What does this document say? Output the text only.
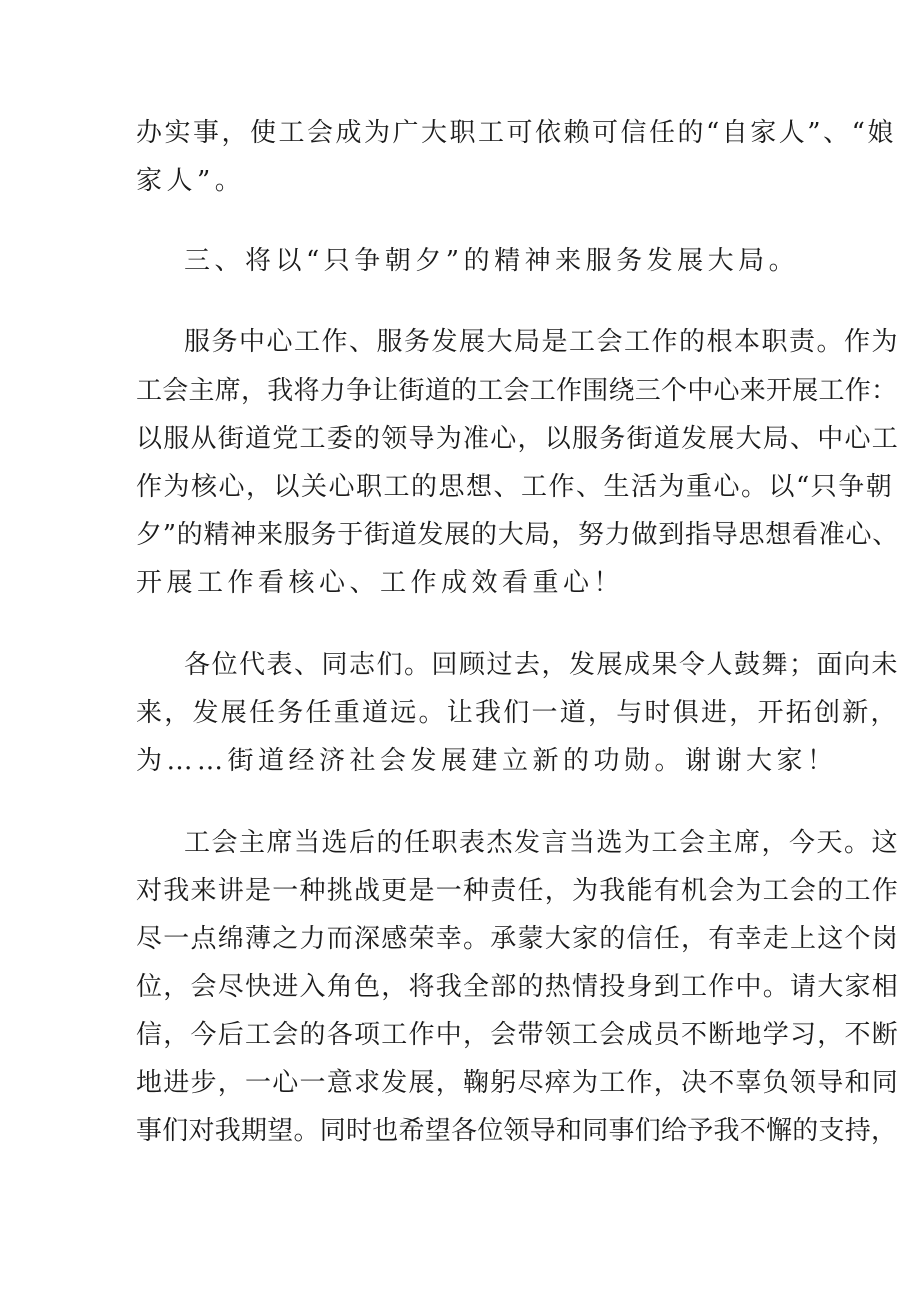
办实事，使工会成为广大职工可依赖可信任的“自家人”、“娘
家人”。
三、将以“只争朝夕”的精神来服务发展大局。
服务中心工作、服务发展大局是工会工作的根本职责。作为
工会主席，我将力争让街道的工会工作围绕三个中心来开展工作：
以服从街道党工委的领导为准心，以服务街道发展大局、中心工
作为核心，以关心职工的思想、工作、生活为重心。以“只争朝
夕”的精神来服务于街道发展的大局，努力做到指导思想看准心、
开展工作看核心、工作成效看重心！
各位代表、同志们。回顾过去，发展成果令人鼓舞；面向未
来，发展任务任重道远。让我们一道，与时俱进，开拓创新，
为……街道经济社会发展建立新的功勋。谢谢大家！
工会主席当选后的任职表杰发言当选为工会主席，今天。这
对我来讲是一种挑战更是一种责任，为我能有机会为工会的工作
尽一点绵薄之力而深感荣幸。承蒙大家的信任，有幸走上这个岗
位，会尽快进入角色，将我全部的热情投身到工作中。请大家相
信，今后工会的各项工作中，会带领工会成员不断地学习，不断
地进步，一心一意求发展，鞠躬尽瘁为工作，决不辜负领导和同
事们对我期望。同时也希望各位领导和同事们给予我不懈的支持，
